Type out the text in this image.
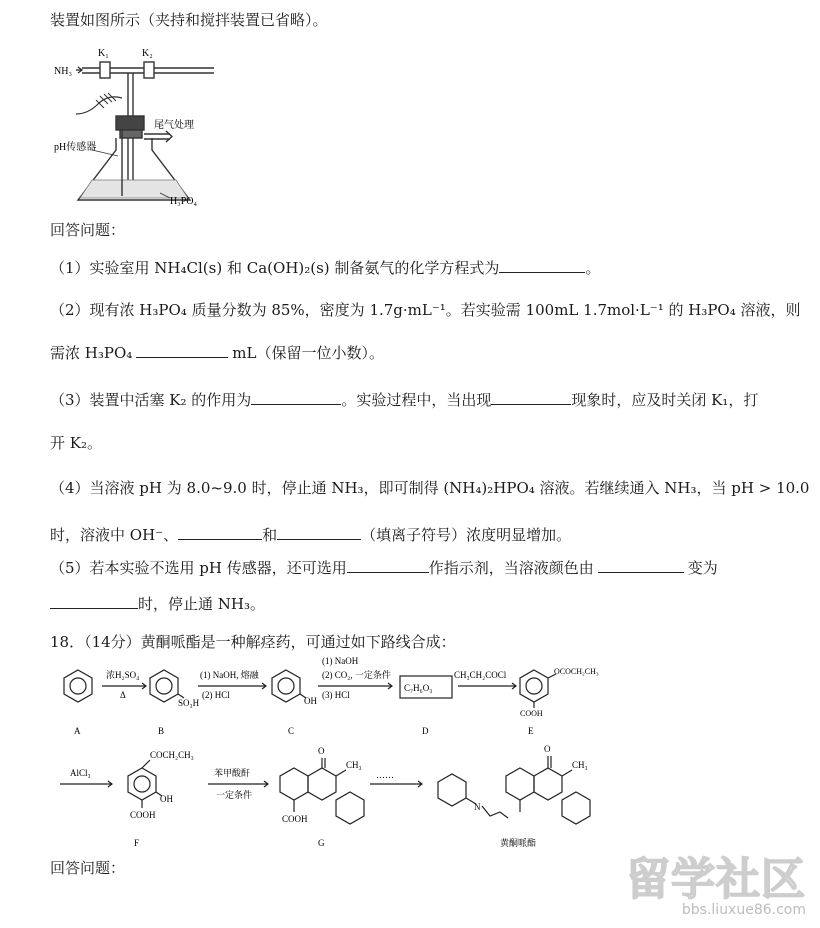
装置如图所示（夹持和搅拌装置已省略）。
NH₃
K₁	K₂
pH传感器
尾气处理
H₃PO₄
回答问题：
（1）实验室用 NH₄Cl(s) 和 Ca(OH)₂(s) 制备氨气的化学方程式为	。
（2）现有浓 H₃PO₄ 质量分数为 85%，密度为 1.7g·mL⁻¹。若实验需 100mL 1.7mol·L⁻¹ 的 H₃PO₄ 溶液，则
需浓 H₃PO₄	mL（保留一位小数）。
（3）装置中活塞 K₂ 的作用为	。实验过程中，当出现	现象时，应及时关闭 K₁，打
开 K₂。
（4）当溶液 pH 为 8.0~9.0 时，停止通 NH₃，即可制得 (NH₄)₂HPO₄ 溶液。若继续通入 NH₃，当 pH > 10.0
时，溶液中 OH⁻、	和	（填离子符号）浓度明显增加。
（5）若本实验不选用 pH 传感器，还可选用	作指示剂，当溶液颜色由	变为
时，停止通 NH₃。
18．（14分）黄酮哌酯是一种解痉药，可通过如下路线合成：
浓H₂SO₄
Δ
SO₃H
(1) NaOH, 熔融
(2) HCl
OH
(1) NaOH
(2) CO₂, 一定条件
(3) HCl
C₇H₆O₃
CH₃CH₂COCl	OCOCH₂CH₃
COOH
AlCl₃
COCH₂CH₃
OH
COOH
苯甲酸酐
一定条件
O
CH₃
COOH
……
O
CH₃
N
A	B	C	D	E
F	G	黄酮哌酯
回答问题：	留学社区
bbs.liuxue86.com
